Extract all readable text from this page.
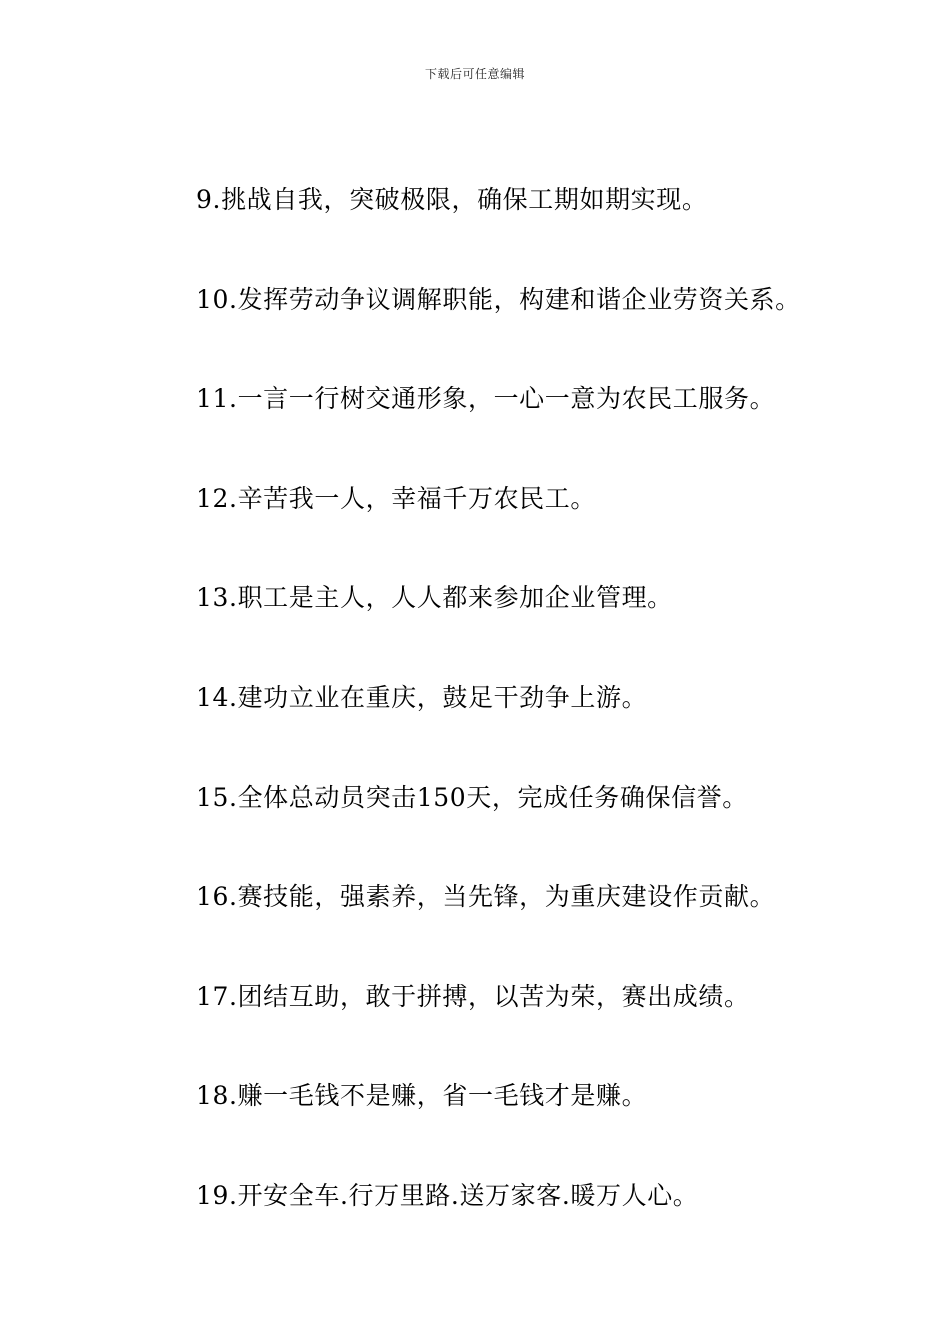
下载后可任意编辑
9.挑战自我，突破极限，确保工期如期实现。
10.发挥劳动争议调解职能，构建和谐企业劳资关系。
11.一言一行树交通形象，一心一意为农民工服务。
12.辛苦我一人，幸福千万农民工。
13.职工是主人，人人都来参加企业管理。
14.建功立业在重庆，鼓足干劲争上游。
15.全体总动员突击150天，完成任务确保信誉。
16.赛技能，强素养，当先锋，为重庆建设作贡献。
17.团结互助，敢于拼搏，以苦为荣，赛出成绩。
18.赚一毛钱不是赚，省一毛钱才是赚。
19.开安全车.行万里路.送万家客.暖万人心。
